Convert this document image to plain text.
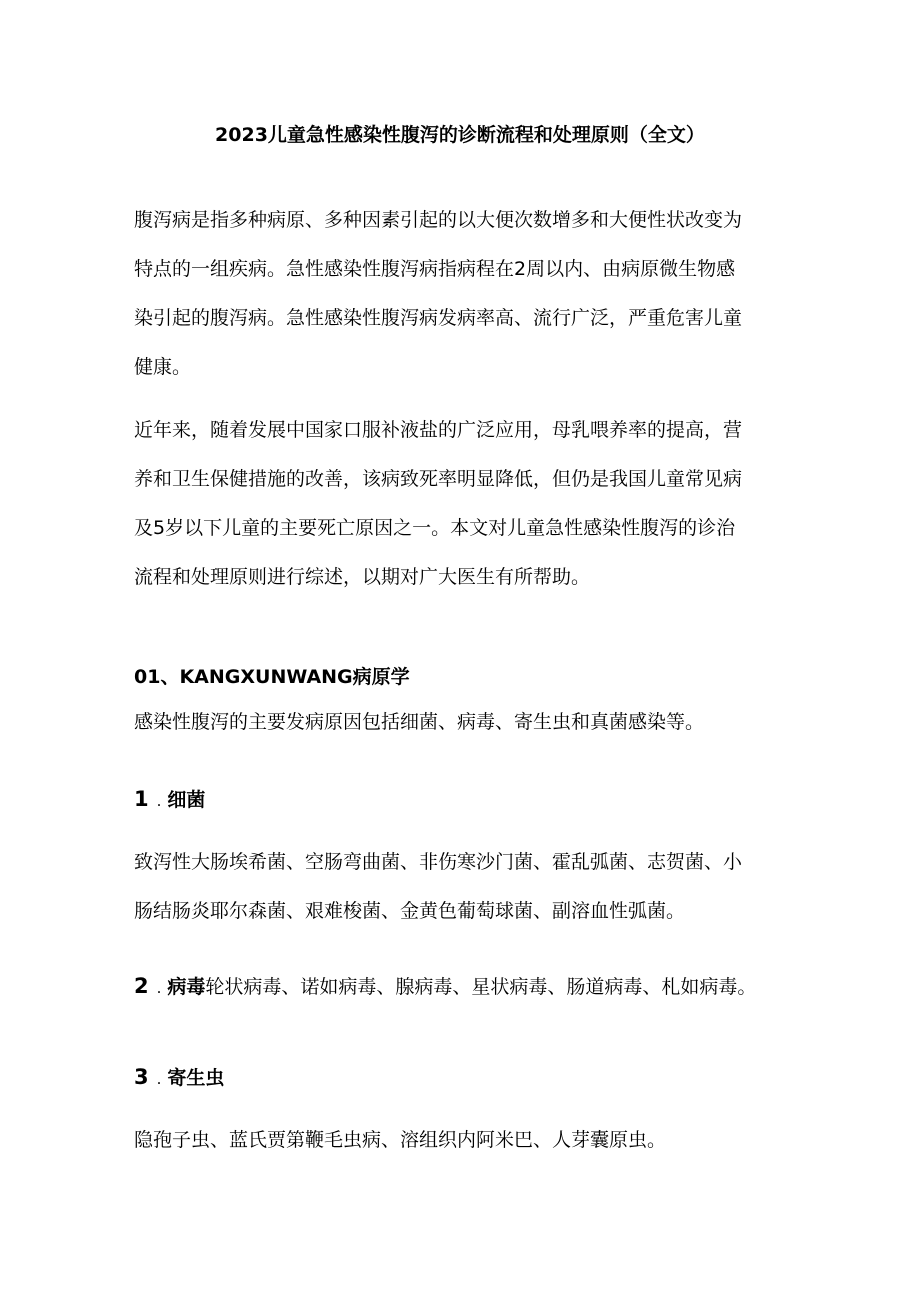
2023儿童急性感染性腹泻的诊断流程和处理原则（全文）
腹泻病是指多种病原、多种因素引起的以大便次数增多和大便性状改变为
特点的一组疾病。急性感染性腹泻病指病程在2周以内、由病原微生物感
染引起的腹泻病。急性感染性腹泻病发病率高、流行广泛，严重危害儿童
健康。
近年来，随着发展中国家口服补液盐的广泛应用，母乳喂养率的提高，营
养和卫生保健措施的改善，该病致死率明显降低，但仍是我国儿童常见病
及5岁以下儿童的主要死亡原因之一。本文对儿童急性感染性腹泻的诊治
流程和处理原则进行综述，以期对广大医生有所帮助。
01、KANGXUNWANG病原学
感染性腹泻的主要发病原因包括细菌、病毒、寄生虫和真菌感染等。
1 . 细菌
致泻性大肠埃希菌、空肠弯曲菌、非伤寒沙门菌、霍乱弧菌、志贺菌、小
肠结肠炎耶尔森菌、艰难梭菌、金黄色葡萄球菌、副溶血性弧菌。
2 . 病毒轮状病毒、诺如病毒、腺病毒、星状病毒、肠道病毒、札如病毒。
3 . 寄生虫
隐孢子虫、蓝氏贾第鞭毛虫病、溶组织内阿米巴、人芽囊原虫。
